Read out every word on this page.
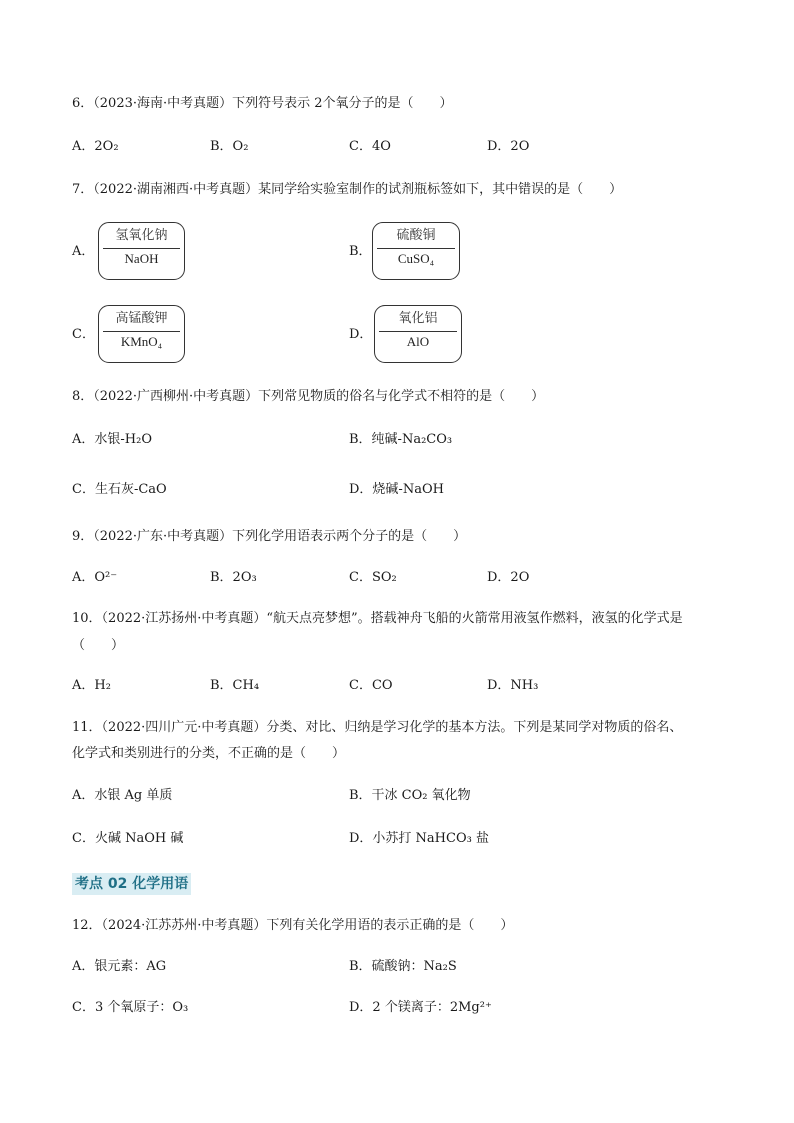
6．（2023·海南·中考真题）下列符号表示 2个氧分子的是（　　）
A．2O₂	B．O₂	C．4O	D．2O
7．（2022·湖南湘西·中考真题）某同学给实验室制作的试剂瓶标签如下，其中错误的是（　　）
A．
氢氧化钠
NaOH	B．
硫酸铜
CuSO₄
C．
高锰酸钾
KMnO₄	D．
氧化铝
AlO
8．（2022·广西柳州·中考真题）下列常见物质的俗名与化学式不相符的是（　　）
A．水银-H₂O	B．纯碱-Na₂CO₃
C．生石灰-CaO	D．烧碱-NaOH
9．（2022·广东·中考真题）下列化学用语表示两个分子的是（　　）
A．O²⁻	B．2O₃	C．SO₂	D．2O
10．（2022·江苏扬州·中考真题）“航天点亮梦想”。搭载神舟飞船的火箭常用液氢作燃料，液氢的化学式是
（　　）
A．H₂	B．CH₄	C．CO	D．NH₃
11．（2022·四川广元·中考真题）分类、对比、归纳是学习化学的基本方法。下列是某同学对物质的俗名、
化学式和类别进行的分类，不正确的是（　　）
A．水银 Ag 单质	B．干冰 CO₂ 氧化物
C．火碱 NaOH 碱	D．小苏打 NaHCO₃ 盐
考点 02 化学用语
12．（2024·江苏苏州·中考真题）下列有关化学用语的表示正确的是（　　）
A．银元素：AG	B．硫酸钠：Na₂S
C．3 个氧原子：O₃	D．2 个镁离子：2Mg²⁺
